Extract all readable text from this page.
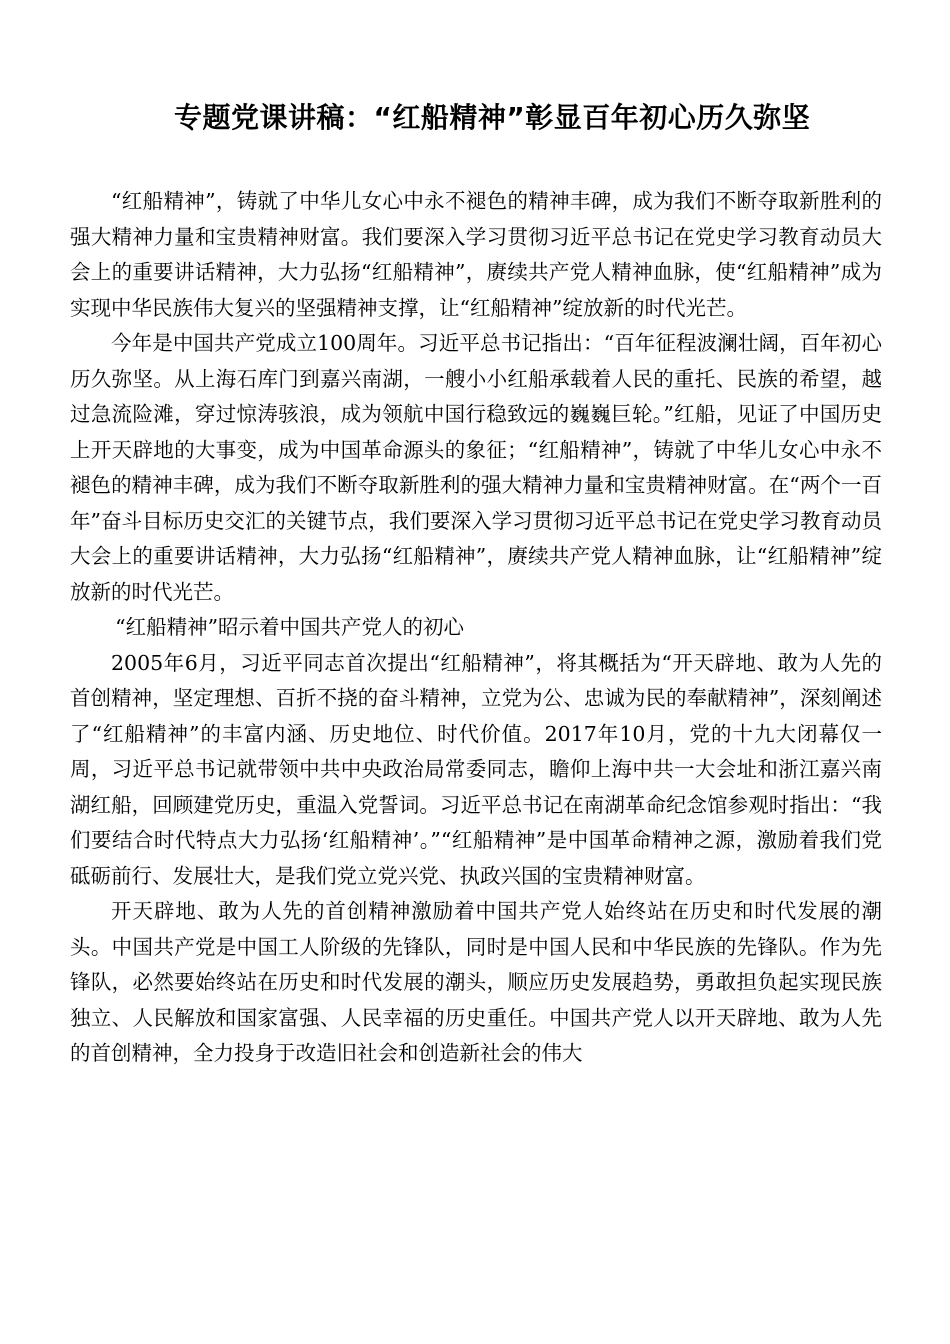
专题党课讲稿：“红船精神”彰显百年初心历久弥坚

“红船精神”，铸就了中华儿女心中永不褪色的精神丰碑，成为我们不断夺取新胜利的强大精神力量和宝贵精神财富。我们要深入学习贯彻习近平总书记在党史学习教育动员大会上的重要讲话精神，大力弘扬“红船精神”，赓续共产党人精神血脉，使“红船精神”成为实现中华民族伟大复兴的坚强精神支撑，让“红船精神”绽放新的时代光芒。

今年是中国共产党成立100周年。习近平总书记指出：“百年征程波澜壮阔，百年初心历久弥坚。从上海石库门到嘉兴南湖，一艘小小红船承载着人民的重托、民族的希望，越过急流险滩，穿过惊涛骇浪，成为领航中国行稳致远的巍巍巨轮。”红船，见证了中国历史上开天辟地的大事变，成为中国革命源头的象征；“红船精神”，铸就了中华儿女心中永不褪色的精神丰碑，成为我们不断夺取新胜利的强大精神力量和宝贵精神财富。在“两个一百年”奋斗目标历史交汇的关键节点，我们要深入学习贯彻习近平总书记在党史学习教育动员大会上的重要讲话精神，大力弘扬“红船精神”，赓续共产党人精神血脉，让“红船精神”绽放新的时代光芒。

“红船精神”昭示着中国共产党人的初心

2005年6月，习近平同志首次提出“红船精神”，将其概括为“开天辟地、敢为人先的首创精神，坚定理想、百折不挠的奋斗精神，立党为公、忠诚为民的奉献精神”，深刻阐述了“红船精神”的丰富内涵、历史地位、时代价值。2017年10月，党的十九大闭幕仅一周，习近平总书记就带领中共中央政治局常委同志，瞻仰上海中共一大会址和浙江嘉兴南湖红船，回顾建党历史，重温入党誓词。习近平总书记在南湖革命纪念馆参观时指出：“我们要结合时代特点大力弘扬‘红船精神’。”“红船精神”是中国革命精神之源，激励着我们党砥砺前行、发展壮大，是我们党立党兴党、执政兴国的宝贵精神财富。

开天辟地、敢为人先的首创精神激励着中国共产党人始终站在历史和时代发展的潮头。中国共产党是中国工人阶级的先锋队，同时是中国人民和中华民族的先锋队。作为先锋队，必然要始终站在历史和时代发展的潮头，顺应历史发展趋势，勇敢担负起实现民族独立、人民解放和国家富强、人民幸福的历史重任。中国共产党人以开天辟地、敢为人先的首创精神，全力投身于改造旧社会和创造新社会的伟大
